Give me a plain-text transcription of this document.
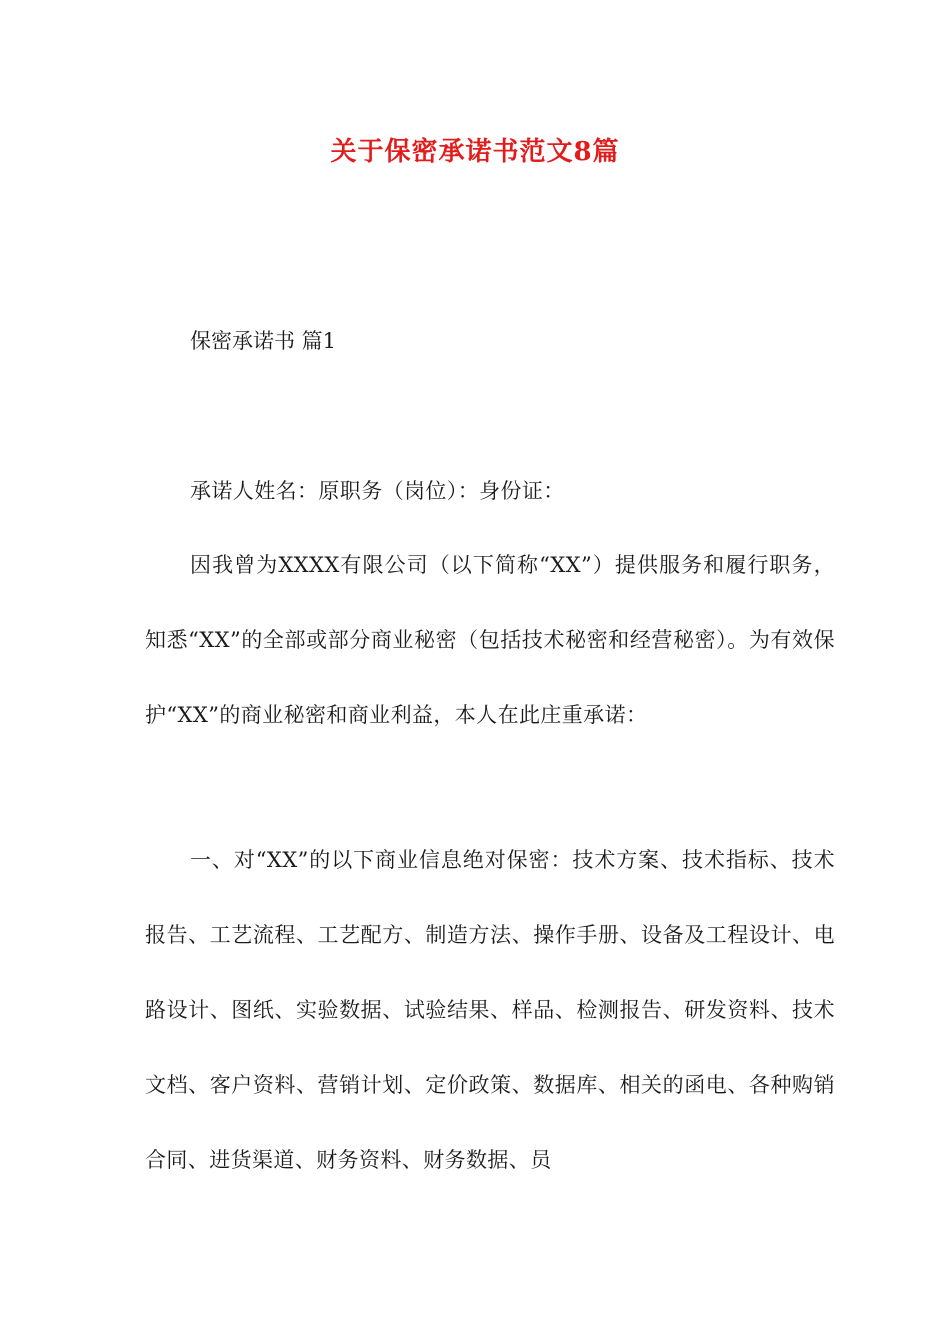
关于保密承诺书范文8篇

保密承诺书 篇1

承诺人姓名：原职务（岗位）：身份证：

因我曾为XXXX有限公司（以下简称“XX”）提供服务和履行职务，知悉“XX”的全部或部分商业秘密（包括技术秘密和经营秘密）。为有效保护“XX”的商业秘密和商业利益，本人在此庄重承诺：

一、对“XX”的以下商业信息绝对保密：技术方案、技术指标、技术报告、工艺流程、工艺配方、制造方法、操作手册、设备及工程设计、电路设计、图纸、实验数据、试验结果、样品、检测报告、研发资料、技术文档、客户资料、营销计划、定价政策、数据库、相关的函电、各种购销合同、进货渠道、财务资料、财务数据、员
